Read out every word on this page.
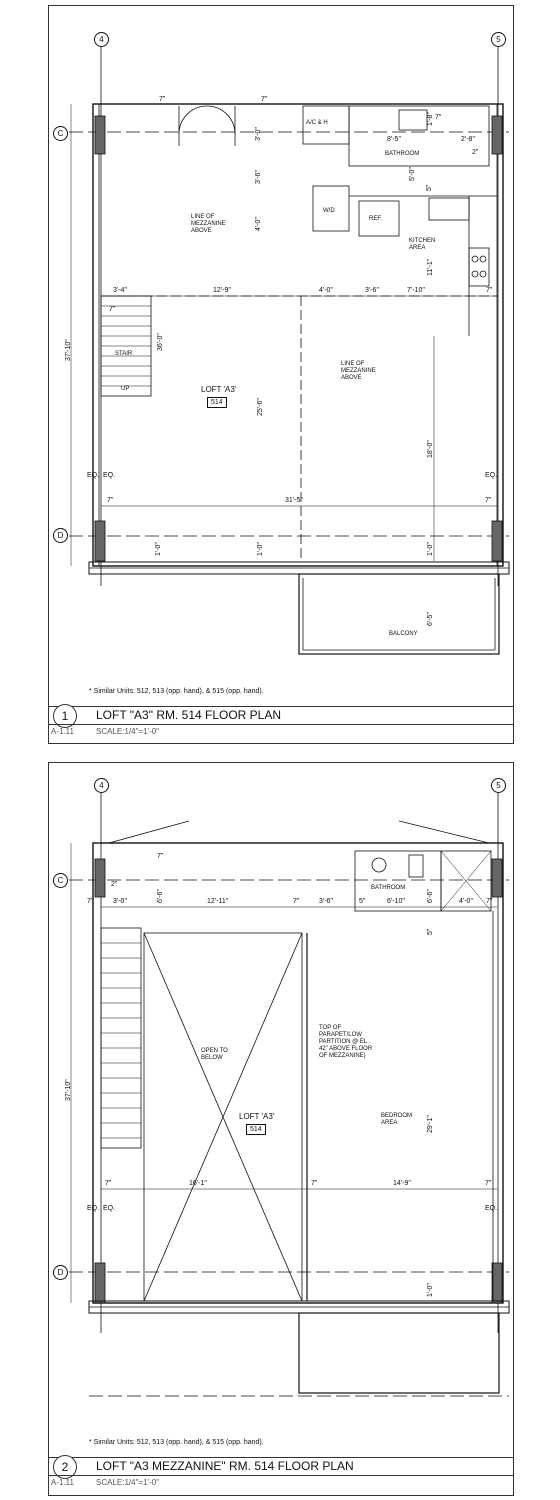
4	5
C
D
A/C & H
BATHROOM
W/D
REF.
KITCHEN
AREA
LINE OF
MEZZANINE
ABOVE
LINE OF
MEZZANINE
ABOVE
STAIR
UP	LOFT 'A3'
514
BALCONY
7"	7"
3'-0"
3'-6"
4'-0"
8'-5"	2'-8"
2"
1'-8" 7"
5'-0"
5"
11'-1"
3'-4"	12'-9"	4'-0"	3'-6"	7'-10"	7"
7"
37'-10"	36'-0"
25'-6"
18'-0"
EQ. EQ.	EQ.
7"	31'-5"	7"
1'-0"	1'-0"	1'-0"
6'-5"
* Similar Units: 512, 513 (opp. hand), & 515 (opp. hand).
1	LOFT "A3" RM. 514 FLOOR PLAN
A-1.11	SCALE:1/4"=1'-0"
4	5
C
D
BATHROOM
OPEN TO
BELOW
LOFT 'A3'
514
BEDROOM
AREA
TOP OF
PARAPET/LOW
PARTITION @ EL.
42" ABOVE FLOOR
OF MEZZANINE)
7"
2"
7"	3'-0"	6'-6"	12'-11"	7"	3'-6"	5"	6'-10"	6'-6"	4'-0" 7"
5"
37'-10"
29'-1"
7"	16'-1"	7"	14'-9"	7"
EQ. EQ.	EQ.
1'-0"
* Similar Units: 512, 513 (opp. hand), & 515 (opp. hand).
2	LOFT "A3 MEZZANINE" RM. 514 FLOOR PLAN
A-1.11	SCALE:1/4"=1'-0"
